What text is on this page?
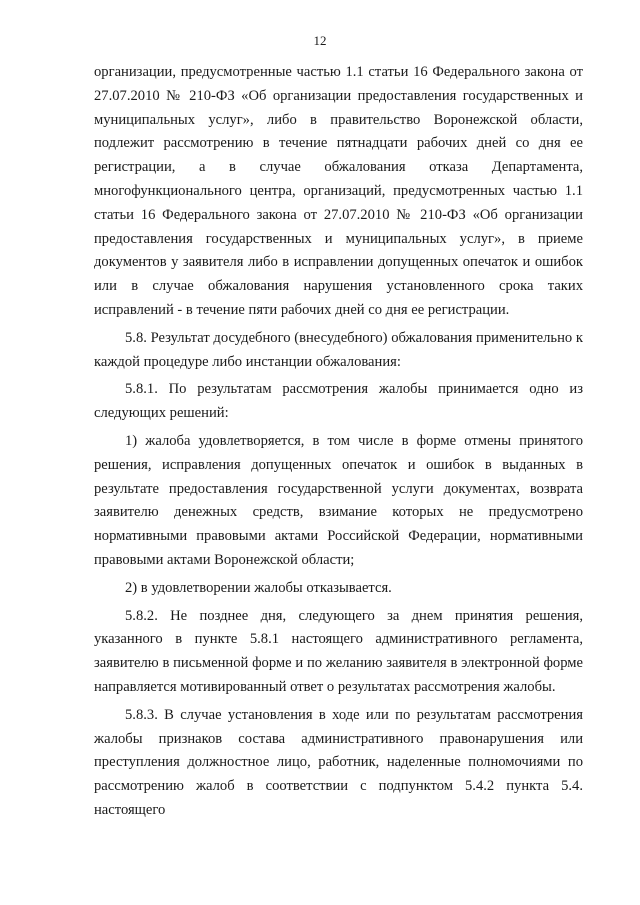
12

организации, предусмотренные частью 1.1 статьи 16 Федерального закона от 27.07.2010 № 210-ФЗ «Об организации предоставления государственных и муниципальных услуг», либо в правительство Воронежской области, подлежит рассмотрению в течение пятнадцати рабочих дней со дня ее регистрации, а в случае обжалования отказа Департамента, многофункционального центра, организаций, предусмотренных частью 1.1 статьи 16 Федерального закона от 27.07.2010 № 210-ФЗ «Об организации предоставления государственных и муниципальных услуг», в приеме документов у заявителя либо в исправлении допущенных опечаток и ошибок или в случае обжалования нарушения установленного срока таких исправлений - в течение пяти рабочих дней со дня ее регистрации.

5.8. Результат досудебного (внесудебного) обжалования применительно к каждой процедуре либо инстанции обжалования:

5.8.1. По результатам рассмотрения жалобы принимается одно из следующих решений:

1) жалоба удовлетворяется, в том числе в форме отмены принятого решения, исправления допущенных опечаток и ошибок в выданных в результате предоставления государственной услуги документах, возврата заявителю денежных средств, взимание которых не предусмотрено нормативными правовыми актами Российской Федерации, нормативными правовыми актами Воронежской области;

2) в удовлетворении жалобы отказывается.

5.8.2. Не позднее дня, следующего за днем принятия решения, указанного в пункте 5.8.1 настоящего административного регламента, заявителю в письменной форме и по желанию заявителя в электронной форме направляется мотивированный ответ о результатах рассмотрения жалобы.

5.8.3. В случае установления в ходе или по результатам рассмотрения жалобы признаков состава административного правонарушения или преступления должностное лицо, работник, наделенные полномочиями по рассмотрению жалоб в соответствии с подпунктом 5.4.2 пункта 5.4. настоящего
